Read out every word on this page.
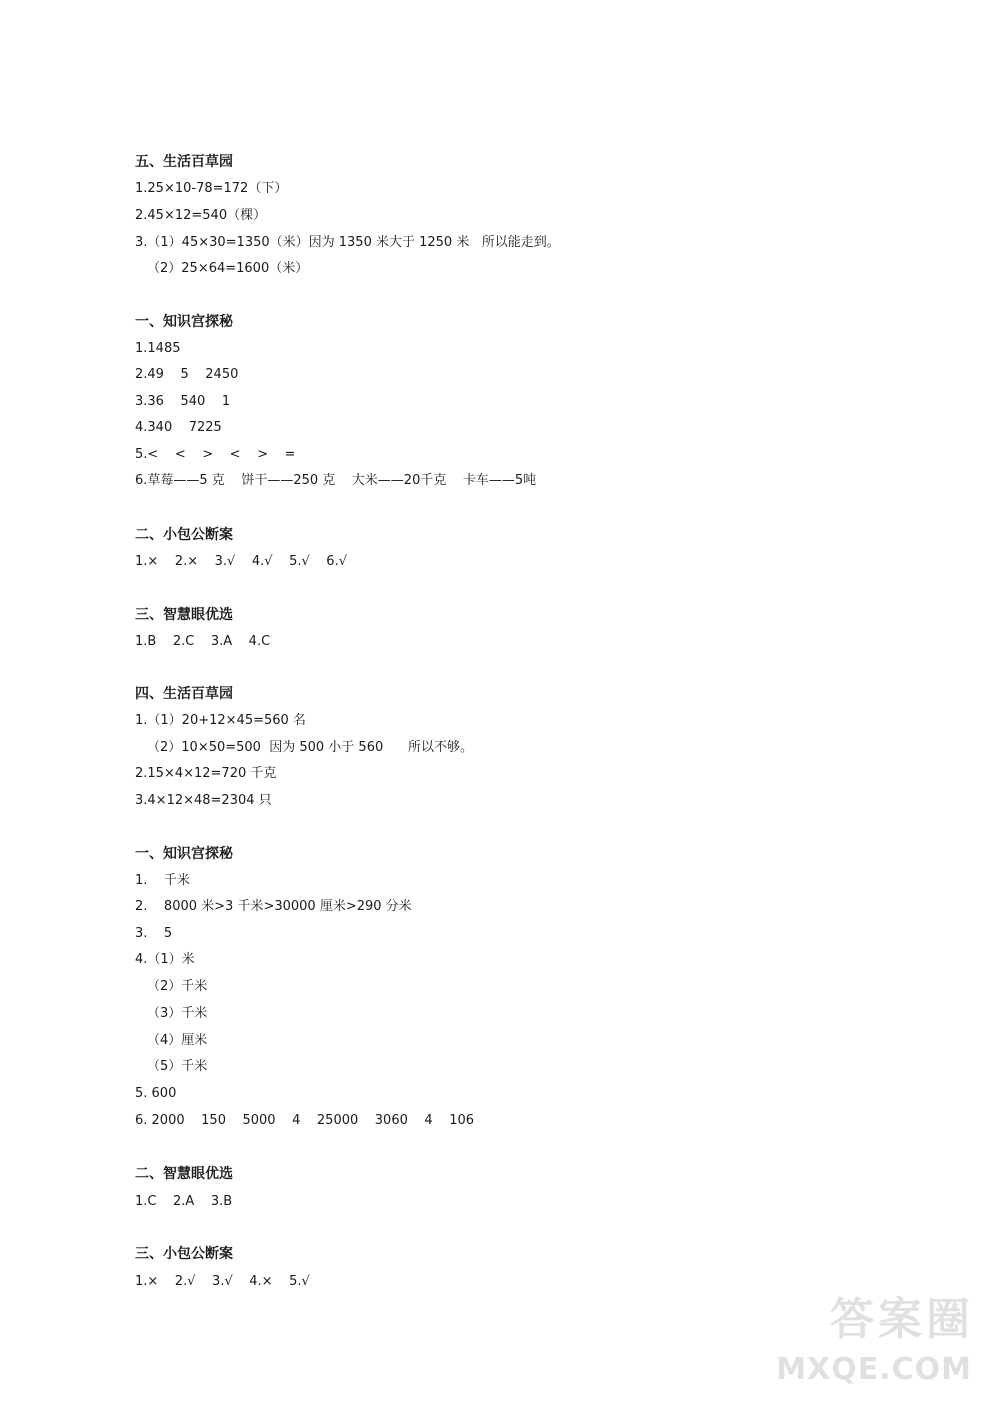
五、生活百草园
1.25×10-78=172（下）
2.45×12=540（棵）
3.（1）45×30=1350（米）因为 1350 米大于 1250 米   所以能走到。
（2）25×64=1600（米）
一、知识宫探秘
1.1485
2.49    5    2450
3.36    540    1
4.340    7225
5.<    <    >    <    >    =
6.草莓——5 克    饼干——250 克    大米——20千克    卡车——5吨
二、小包公断案
1.×    2.×    3.√    4.√    5.√    6.√
三、智慧眼优选
1.B    2.C    3.A    4.C
四、生活百草园
1.（1）20+12×45=560 名
（2）10×50=500  因为 500 小于 560      所以不够。
2.15×4×12=720 千克
3.4×12×48=2304 只
一、知识宫探秘
1.    千米
2.    8000 米>3 千米>30000 厘米>290 分米
3.    5
4.（1）米
（2）千米
（3）千米
（4）厘米
（5）千米
5. 600
6. 2000    150    5000    4    25000    3060    4    106
二、智慧眼优选
1.C    2.A    3.B
三、小包公断案
1.×    2.√    3.√    4.×    5.√
答案圈
MXQE.COM
